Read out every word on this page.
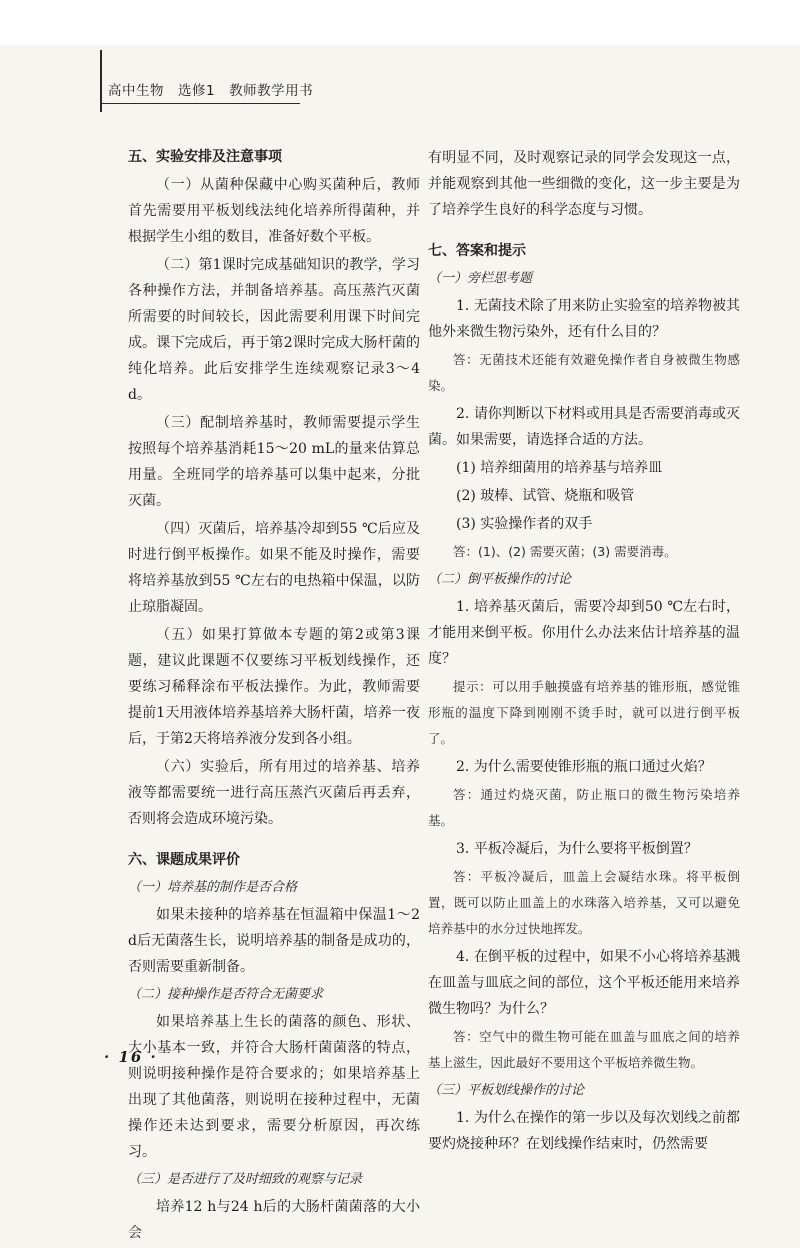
高中生物　选修1　教师教学用书
五、实验安排及注意事项
（一）从菌种保藏中心购买菌种后，教师首先需要用平板划线法纯化培养所得菌种，并根据学生小组的数目，准备好数个平板。
（二）第1课时完成基础知识的教学，学习各种操作方法，并制备培养基。高压蒸汽灭菌所需要的时间较长，因此需要利用课下时间完成。课下完成后，再于第2课时完成大肠杆菌的纯化培养。此后安排学生连续观察记录3～4 d。
（三）配制培养基时，教师需要提示学生按照每个培养基消耗15～20 mL的量来估算总用量。全班同学的培养基可以集中起来，分批灭菌。
（四）灭菌后，培养基冷却到55 ℃后应及时进行倒平板操作。如果不能及时操作，需要将培养基放到55 ℃左右的电热箱中保温，以防止琼脂凝固。
（五）如果打算做本专题的第2或第3课题，建议此课题不仅要练习平板划线操作，还要练习稀释涂布平板法操作。为此，教师需要提前1天用液体培养基培养大肠杆菌，培养一夜后，于第2天将培养液分发到各小组。
（六）实验后，所有用过的培养基、培养液等都需要统一进行高压蒸汽灭菌后再丢弃，否则将会造成环境污染。
六、课题成果评价
（一）培养基的制作是否合格
如果未接种的培养基在恒温箱中保温1～2 d后无菌落生长，说明培养基的制备是成功的，否则需要重新制备。
（二）接种操作是否符合无菌要求
如果培养基上生长的菌落的颜色、形状、大小基本一致，并符合大肠杆菌菌落的特点，则说明接种操作是符合要求的；如果培养基上出现了其他菌落，则说明在接种过程中，无菌操作还未达到要求，需要分析原因，再次练习。
（三）是否进行了及时细致的观察与记录
培养12 h与24 h后的大肠杆菌菌落的大小会
有明显不同，及时观察记录的同学会发现这一点，并能观察到其他一些细微的变化，这一步主要是为了培养学生良好的科学态度与习惯。
七、答案和提示
（一）旁栏思考题
1. 无菌技术除了用来防止实验室的培养物被其他外来微生物污染外，还有什么目的？
答：无菌技术还能有效避免操作者自身被微生物感染。
2. 请你判断以下材料或用具是否需要消毒或灭菌。如果需要，请选择合适的方法。
(1) 培养细菌用的培养基与培养皿
(2) 玻棒、试管、烧瓶和吸管
(3) 实验操作者的双手
答：(1)、(2) 需要灭菌；(3) 需要消毒。
（二）倒平板操作的讨论
1. 培养基灭菌后，需要冷却到50 ℃左右时，才能用来倒平板。你用什么办法来估计培养基的温度？
提示：可以用手触摸盛有培养基的锥形瓶，感觉锥形瓶的温度下降到刚刚不烫手时，就可以进行倒平板了。
2. 为什么需要使锥形瓶的瓶口通过火焰？
答：通过灼烧灭菌，防止瓶口的微生物污染培养基。
3. 平板冷凝后，为什么要将平板倒置？
答：平板冷凝后，皿盖上会凝结水珠。将平板倒置，既可以防止皿盖上的水珠落入培养基，又可以避免培养基中的水分过快地挥发。
4. 在倒平板的过程中，如果不小心将培养基溅在皿盖与皿底之间的部位，这个平板还能用来培养微生物吗？为什么？
答：空气中的微生物可能在皿盖与皿底之间的培养基上滋生，因此最好不要用这个平板培养微生物。
（三）平板划线操作的讨论
1. 为什么在操作的第一步以及每次划线之前都要灼烧接种环？在划线操作结束时，仍然需要
· 16 ·
